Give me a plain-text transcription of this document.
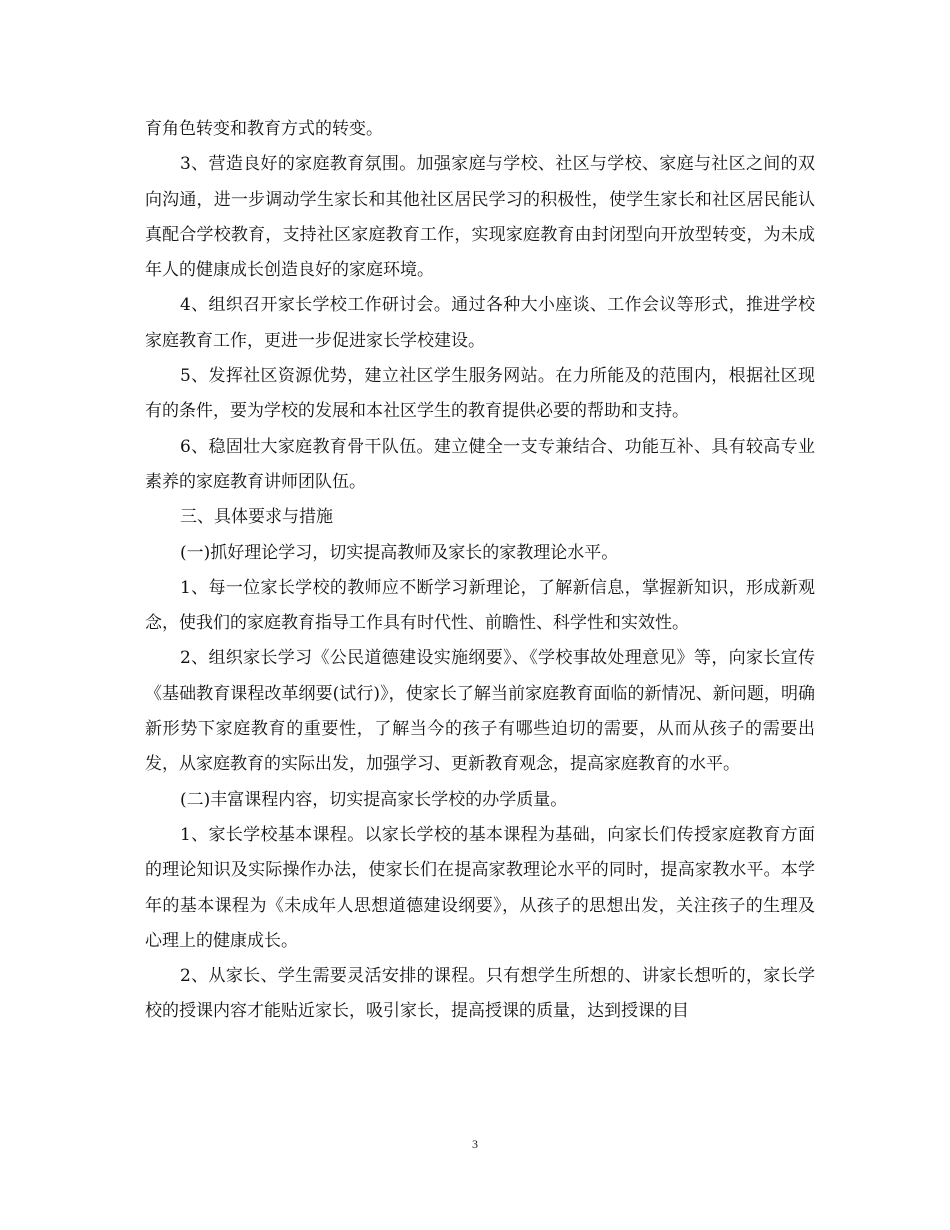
育角色转变和教育方式的转变。

3、营造良好的家庭教育氛围。加强家庭与学校、社区与学校、家庭与社区之间的双向沟通，进一步调动学生家长和其他社区居民学习的积极性，使学生家长和社区居民能认真配合学校教育，支持社区家庭教育工作，实现家庭教育由封闭型向开放型转变，为未成年人的健康成长创造良好的家庭环境。

4、组织召开家长学校工作研讨会。通过各种大小座谈、工作会议等形式，推进学校家庭教育工作，更进一步促进家长学校建设。

5、发挥社区资源优势，建立社区学生服务网站。在力所能及的范围内，根据社区现有的条件，要为学校的发展和本社区学生的教育提供必要的帮助和支持。

6、稳固壮大家庭教育骨干队伍。建立健全一支专兼结合、功能互补、具有较高专业素养的家庭教育讲师团队伍。

三、具体要求与措施

(一)抓好理论学习，切实提高教师及家长的家教理论水平。

1、每一位家长学校的教师应不断学习新理论，了解新信息，掌握新知识，形成新观念，使我们的家庭教育指导工作具有时代性、前瞻性、科学性和实效性。

2、组织家长学习《公民道德建设实施纲要》、《学校事故处理意见》等，向家长宣传《基础教育课程改革纲要(试行)》，使家长了解当前家庭教育面临的新情况、新问题，明确新形势下家庭教育的重要性，了解当今的孩子有哪些迫切的需要，从而从孩子的需要出发，从家庭教育的实际出发，加强学习、更新教育观念，提高家庭教育的水平。

(二)丰富课程内容，切实提高家长学校的办学质量。

1、家长学校基本课程。以家长学校的基本课程为基础，向家长们传授家庭教育方面的理论知识及实际操作办法，使家长们在提高家教理论水平的同时，提高家教水平。本学年的基本课程为《未成年人思想道德建设纲要》，从孩子的思想出发，关注孩子的生理及心理上的健康成长。

2、从家长、学生需要灵活安排的课程。只有想学生所想的、讲家长想听的，家长学校的授课内容才能贴近家长，吸引家长，提高授课的质量，达到授课的目

3
